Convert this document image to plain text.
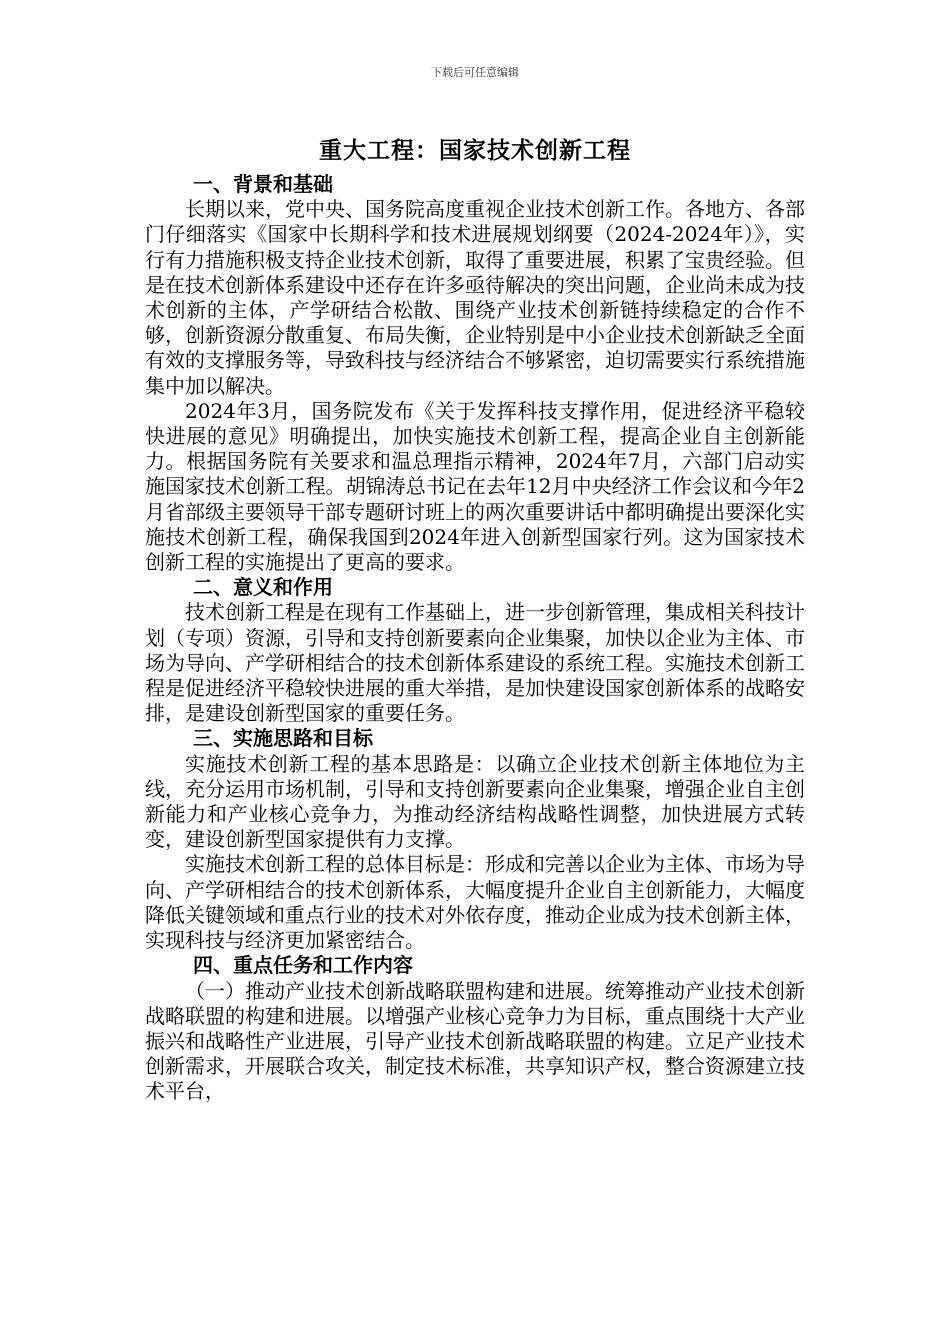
下载后可任意编辑
重大工程：国家技术创新工程
一、背景和基础

长期以来，党中央、国务院高度重视企业技术创新工作。各地方、各部门仔细落实《国家中长期科学和技术进展规划纲要（2024-2024年）》，实行有力措施积极支持企业技术创新，取得了重要进展，积累了宝贵经验。但是在技术创新体系建设中还存在许多亟待解决的突出问题，企业尚未成为技术创新的主体，产学研结合松散、围绕产业技术创新链持续稳定的合作不够，创新资源分散重复、布局失衡，企业特别是中小企业技术创新缺乏全面有效的支撑服务等，导致科技与经济结合不够紧密，迫切需要实行系统措施集中加以解决。

2024年3月，国务院发布《关于发挥科技支撑作用，促进经济平稳较快进展的意见》明确提出，加快实施技术创新工程，提高企业自主创新能力。根据国务院有关要求和温总理指示精神，2024年7月，六部门启动实施国家技术创新工程。胡锦涛总书记在去年12月中央经济工作会议和今年2月省部级主要领导干部专题研讨班上的两次重要讲话中都明确提出要深化实施技术创新工程，确保我国到2024年进入创新型国家行列。这为国家技术创新工程的实施提出了更高的要求。

二、意义和作用

技术创新工程是在现有工作基础上，进一步创新管理，集成相关科技计划（专项）资源，引导和支持创新要素向企业集聚，加快以企业为主体、市场为导向、产学研相结合的技术创新体系建设的系统工程。实施技术创新工程是促进经济平稳较快进展的重大举措，是加快建设国家创新体系的战略安排，是建设创新型国家的重要任务。

三、实施思路和目标

实施技术创新工程的基本思路是：以确立企业技术创新主体地位为主线，充分运用市场机制，引导和支持创新要素向企业集聚，增强企业自主创新能力和产业核心竞争力，为推动经济结构战略性调整，加快进展方式转变，建设创新型国家提供有力支撑。

实施技术创新工程的总体目标是：形成和完善以企业为主体、市场为导向、产学研相结合的技术创新体系，大幅度提升企业自主创新能力，大幅度降低关键领域和重点行业的技术对外依存度，推动企业成为技术创新主体，实现科技与经济更加紧密结合。

四、重点任务和工作内容

（一）推动产业技术创新战略联盟构建和进展。统筹推动产业技术创新战略联盟的构建和进展。以增强产业核心竞争力为目标，重点围绕十大产业振兴和战略性产业进展，引导产业技术创新战略联盟的构建。立足产业技术创新需求，开展联合攻关，制定技术标准，共享知识产权，整合资源建立技术平台，
